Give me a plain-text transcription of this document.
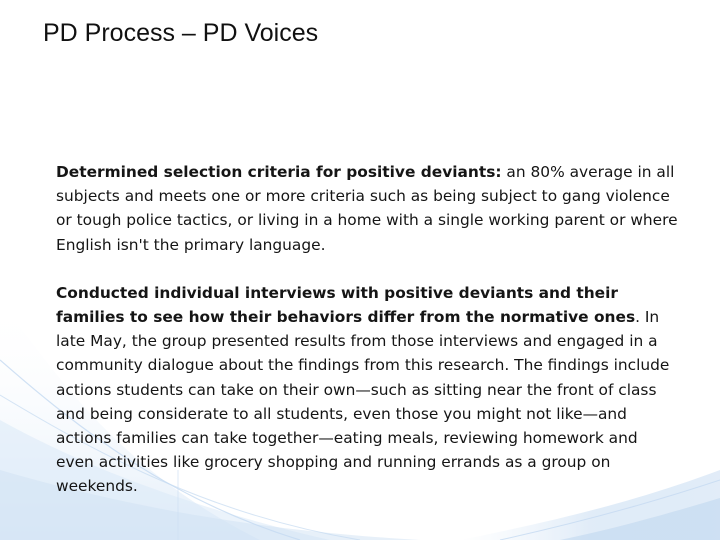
PD Process – PD Voices

Determined selection criteria for positive deviants: an 80% average in all subjects and meets one or more criteria such as being subject to gang violence or tough police tactics, or living in a home with a single working parent or where English isn't the primary language.

Conducted individual interviews with positive deviants and their families to see how their behaviors differ from the normative ones. In late May, the group presented results from those interviews and engaged in a community dialogue about the findings from this research. The findings include actions students can take on their own—such as sitting near the front of class and being considerate to all students, even those you might not like—and actions families can take together—eating meals, reviewing homework and even activities like grocery shopping and running errands as a group on weekends.
